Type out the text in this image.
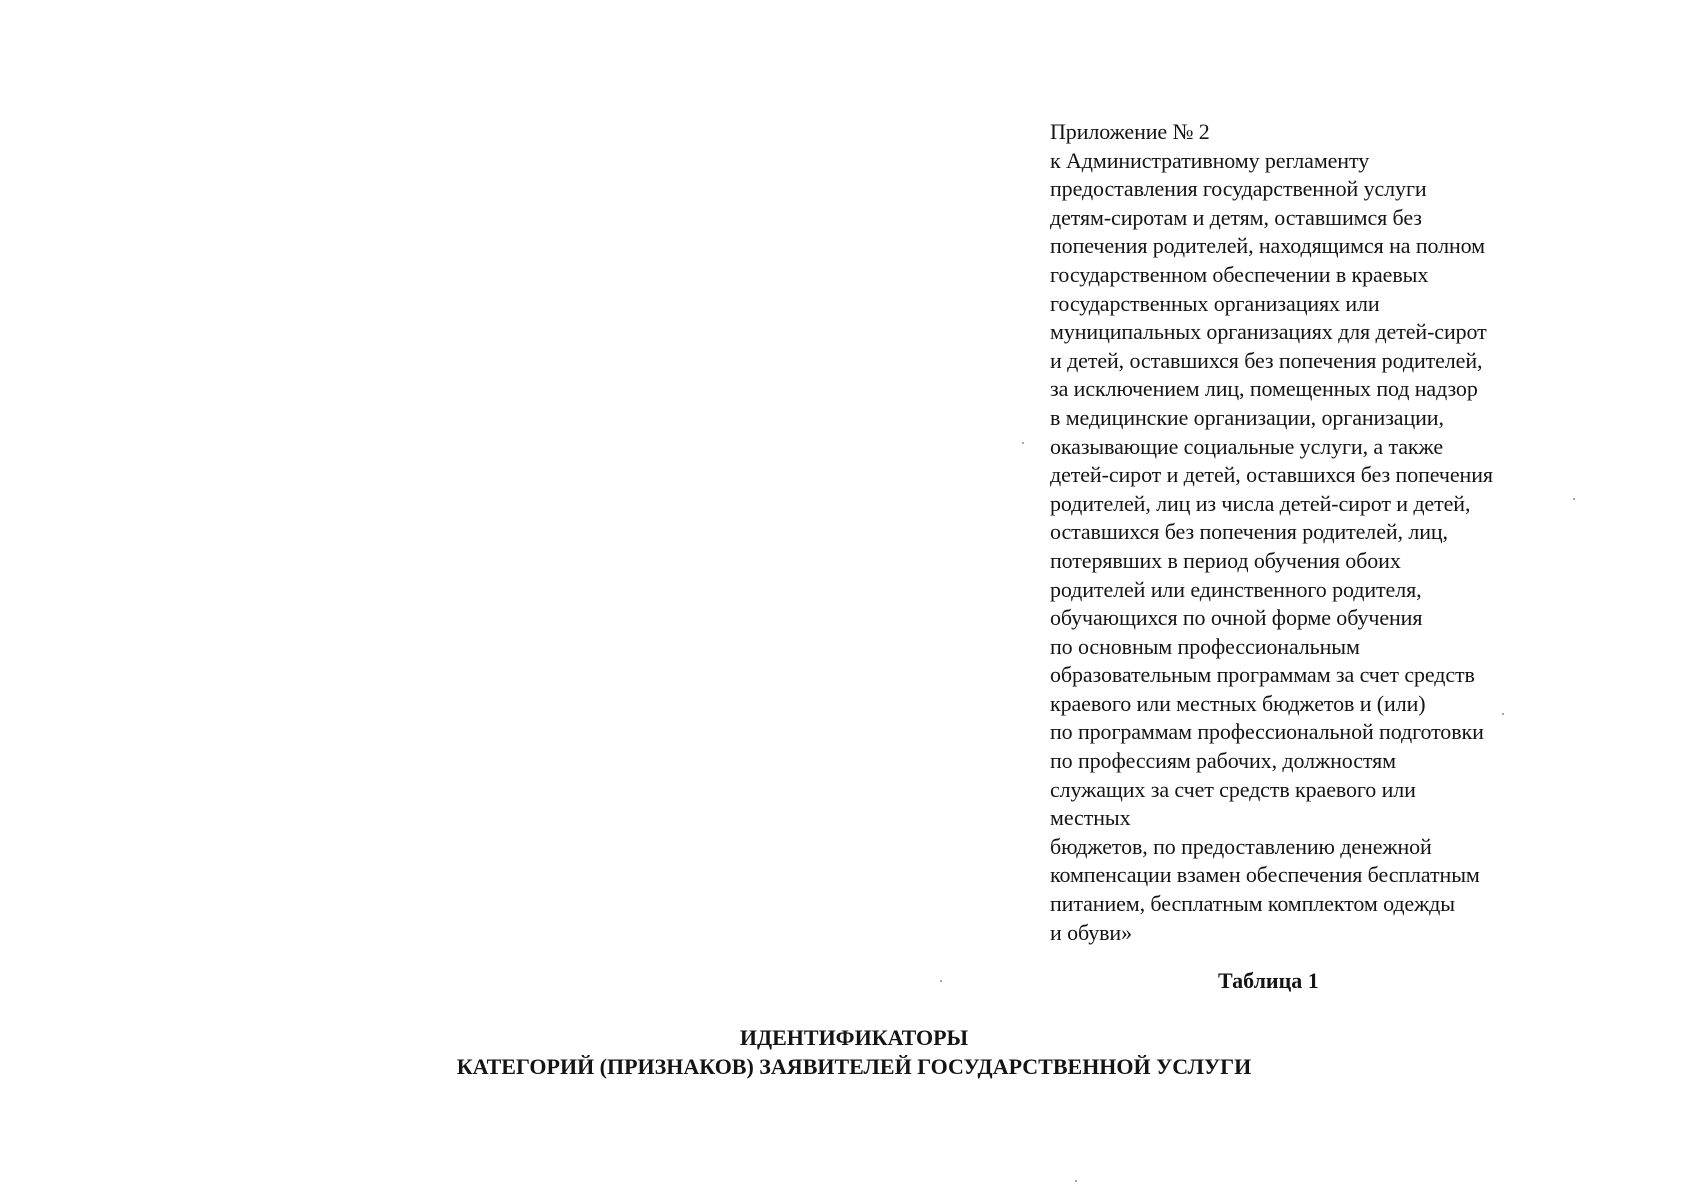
Приложение № 2
к Административному регламенту
предоставления государственной услуги
детям-сиротам и детям, оставшимся без
попечения родителей, находящимся на полном
государственном обеспечении в краевых
государственных организациях или
муниципальных организациях для детей-сирот
и детей, оставшихся без попечения родителей,
за исключением лиц, помещенных под надзор
в медицинские организации, организации,
оказывающие социальные услуги, а также
детей-сирот и детей, оставшихся без попечения
родителей, лиц из числа детей-сирот и детей,
оставшихся без попечения родителей, лиц,
потерявших в период обучения обоих
родителей или единственного родителя,
обучающихся по очной форме обучения
по основным профессиональным
образовательным программам за счет средств
краевого или местных бюджетов и (или)
по программам профессиональной подготовки
по профессиям рабочих, должностям
служащих за счет средств краевого или
местных
бюджетов, по предоставлению денежной
компенсации взамен обеспечения бесплатным
питанием, бесплатным комплектом одежды
и обуви»
Таблица 1
ИДЕНТИФИКАТОРЫ
КАТЕГОРИЙ (ПРИЗНАКОВ) ЗАЯВИТЕЛЕЙ ГОСУДАРСТВЕННОЙ УСЛУГИ
